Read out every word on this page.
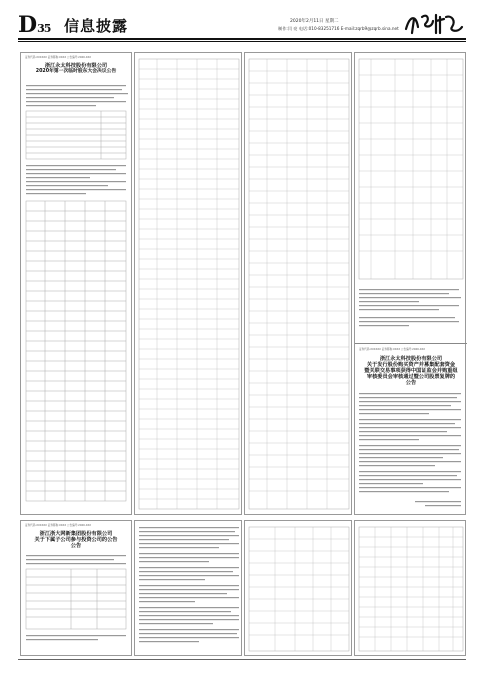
D35 信息披露	2020年2月11日 星期二
制作:闫 亮 电话:010-83251716 E-mail:zqrb9@zqrb.sina.net
证券代码:XXXXXX 证券简称:XXXX 公告编号:2020-XXX
浙江永太科技股份有限公司
2020年第一次临时股东大会决议公告
证券代码:XXXXXX 证券简称:XXXX 公告编号:2020-XXX
浙江永太科技股份有限公司
关于发行股份购买资产并募集配套资金
暨关联交易事项获得中国证监会并购重组
审核委员会审核通过暨公司股票复牌的
公告
证券代码:XXXXXX 证券简称:XXXX 公告编号:2020-XXX
浙江浙大网新集团股份有限公司
关于下属子公司参与投资公司的公告
公告
